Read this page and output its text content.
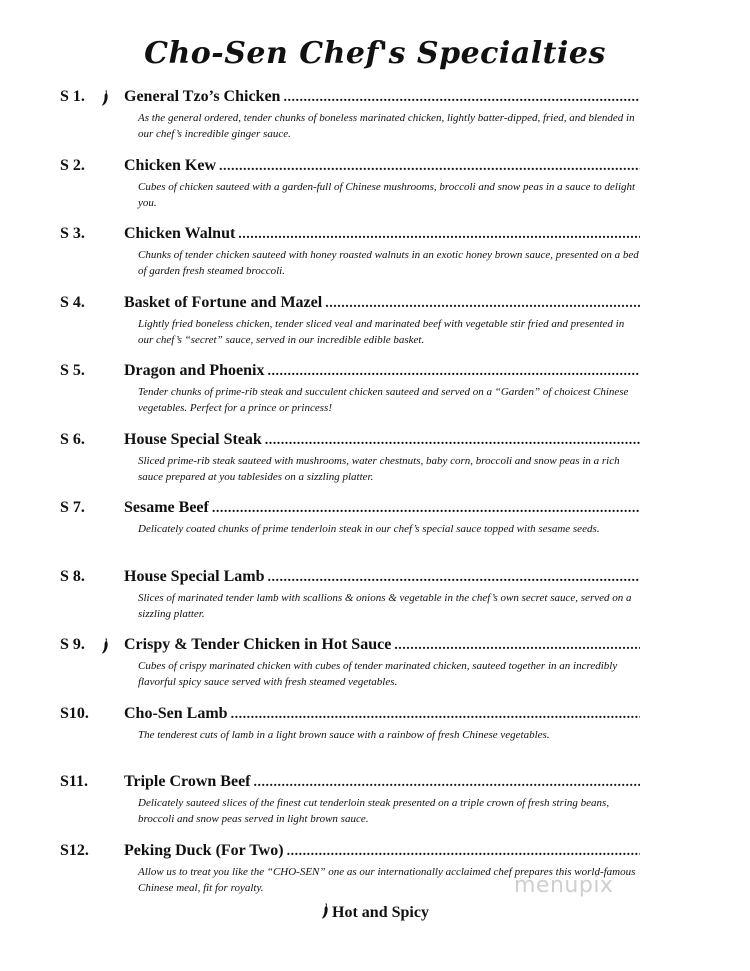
Cho-Sen Chef's Specialties
S 1. General Tzo’s Chicken
.....

As the general ordered, tender chunks of boneless marinated chicken, lightly batter-dipped, fried, and blended in our chef’s incredible ginger sauce.

S 2. Chicken Kew
.....

Cubes of chicken sauteed with a garden-full of Chinese mushrooms, broccoli and snow peas in a sauce to delight you.

S 3. Chicken Walnut
.....

Chunks of tender chicken sauteed with honey roasted walnuts in an exotic honey brown sauce, presented on a bed of garden fresh steamed broccoli.

S 4. Basket of Fortune and Mazel
.....

Lightly fried boneless chicken, tender sliced veal and marinated beef with vegetable stir fried and presented in our chef’s “secret” sauce, served in our incredible edible basket.

S 5. Dragon and Phoenix
.....

Tender chunks of prime-rib steak and succulent chicken sauteed and served on a “Garden” of choicest Chinese vegetables. Perfect for a prince or princess!

S 6. House Special Steak
.....

Sliced prime-rib steak sauteed with mushrooms, water chestnuts, baby corn, broccoli and snow peas in a rich sauce prepared at you tablesides on a sizzling platter.

S 7. Sesame Beef
.....

Delicately coated chunks of prime tenderloin steak in our chef’s special sauce topped with sesame seeds.

S 8. House Special Lamb
.....

Slices of marinated tender lamb with scallions & onions & vegetable in the chef’s own secret sauce, served on a sizzling platter.

S 9. Crispy & Tender Chicken in Hot Sauce
.....

Cubes of crispy marinated chicken with cubes of tender marinated chicken, sauteed together in an incredibly flavorful spicy sauce served with fresh steamed vegetables.

S10. Cho-Sen Lamb
.....

The tenderest cuts of lamb in a light brown sauce with a rainbow of fresh Chinese vegetables.

S11. Triple Crown Beef
.....

Delicately sauteed slices of the finest cut tenderloin steak presented on a triple crown of fresh string beans, broccoli and snow peas served in light brown sauce.

S12. Peking Duck (For Two)
.....

Allow us to treat you like the “CHO-SEN” one as our internationally acclaimed chef prepares this world-famous Chinese meal, fit for royalty.	menupix
Hot and Spicy
